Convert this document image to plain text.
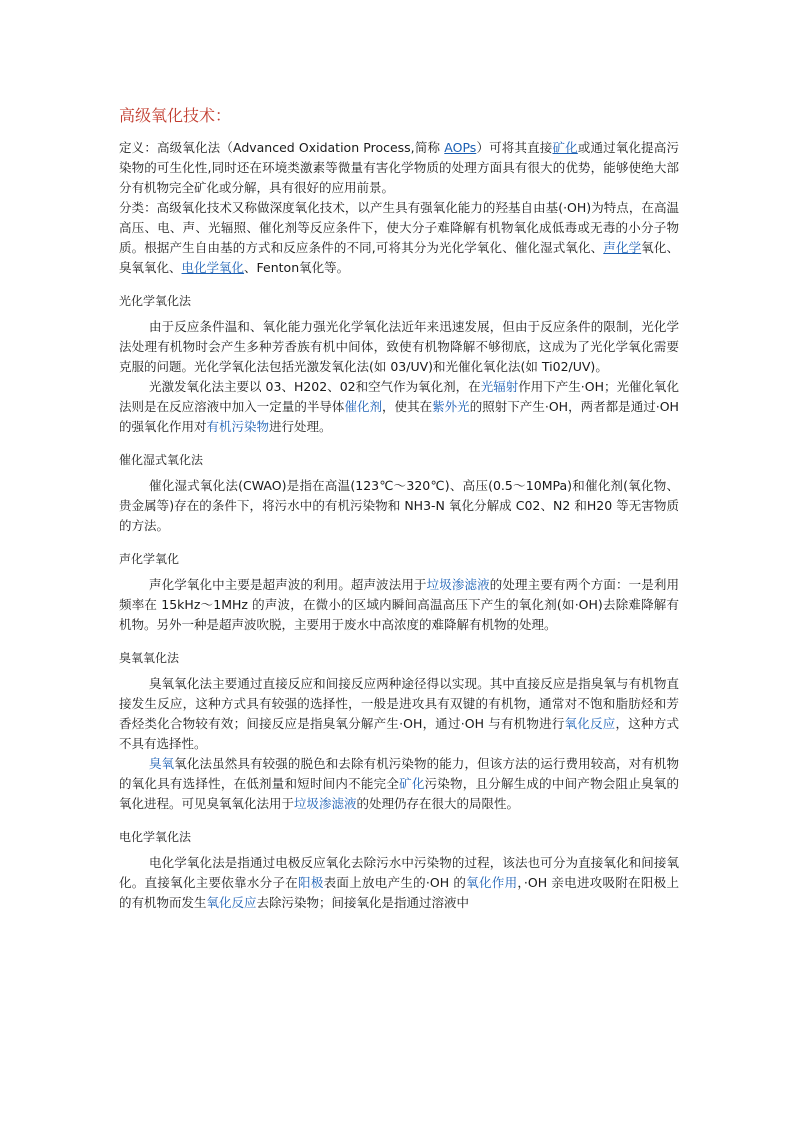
高级氧化技术：

定义：高级氧化法（Advanced Oxidation Process,简称 AOPs）可将其直接矿化或通过氧化提高污染物的可生化性,同时还在环境类激素等微量有害化学物质的处理方面具有很大的优势，能够使绝大部分有机物完全矿化或分解，具有很好的应用前景。

分类：高级氧化技术又称做深度氧化技术，以产生具有强氧化能力的羟基自由基(·OH)为特点，在高温高压、电、声、光辐照、催化剂等反应条件下，使大分子难降解有机物氧化成低毒或无毒的小分子物质。根据产生自由基的方式和反应条件的不同,可将其分为光化学氧化、催化湿式氧化、声化学氧化、臭氧氧化、电化学氧化、Fenton氧化等。

光化学氧化法

由于反应条件温和、氧化能力强光化学氧化法近年来迅速发展，但由于反应条件的限制，光化学法处理有机物时会产生多种芳香族有机中间体，致使有机物降解不够彻底，这成为了光化学氧化需要克服的问题。光化学氧化法包括光激发氧化法(如 03/UV)和光催化氧化法(如 Ti02/UV)。

光激发氧化法主要以 03、H202、02和空气作为氧化剂，在光辐射作用下产生·OH；光催化氧化法则是在反应溶液中加入一定量的半导体催化剂，使其在紫外光的照射下产生·OH，两者都是通过·OH 的强氧化作用对有机污染物进行处理。

催化湿式氧化法

催化湿式氧化法(CWAO)是指在高温(123℃～320℃)、高压(0.5～10MPa)和催化剂(氧化物、贵金属等)存在的条件下，将污水中的有机污染物和 NH3-N 氧化分解成 C02、N2 和H20 等无害物质的方法。

声化学氧化

声化学氧化中主要是超声波的利用。超声波法用于垃圾渗滤液的处理主要有两个方面：一是利用频率在 15kHz～1MHz 的声波，在微小的区域内瞬间高温高压下产生的氧化剂(如·OH)去除难降解有机物。另外一种是超声波吹脱，主要用于废水中高浓度的难降解有机物的处理。

臭氧氧化法

臭氧氧化法主要通过直接反应和间接反应两种途径得以实现。其中直接反应是指臭氧与有机物直接发生反应，这种方式具有较强的选择性，一般是进攻具有双键的有机物，通常对不饱和脂肪烃和芳香烃类化合物较有效；间接反应是指臭氧分解产生·OH，通过·OH 与有机物进行氧化反应，这种方式不具有选择性。

臭氧氧化法虽然具有较强的脱色和去除有机污染物的能力，但该方法的运行费用较高，对有机物的氧化具有选择性，在低剂量和短时间内不能完全矿化污染物，且分解生成的中间产物会阻止臭氧的氧化进程。可见臭氧氧化法用于垃圾渗滤液的处理仍存在很大的局限性。

电化学氧化法

电化学氧化法是指通过电极反应氧化去除污水中污染物的过程，该法也可分为直接氧化和间接氧化。直接氧化主要依靠水分子在阳极表面上放电产生的·OH 的氧化作用，·OH 亲电进攻吸附在阳极上的有机物而发生氧化反应去除污染物；间接氧化是指通过溶液中
